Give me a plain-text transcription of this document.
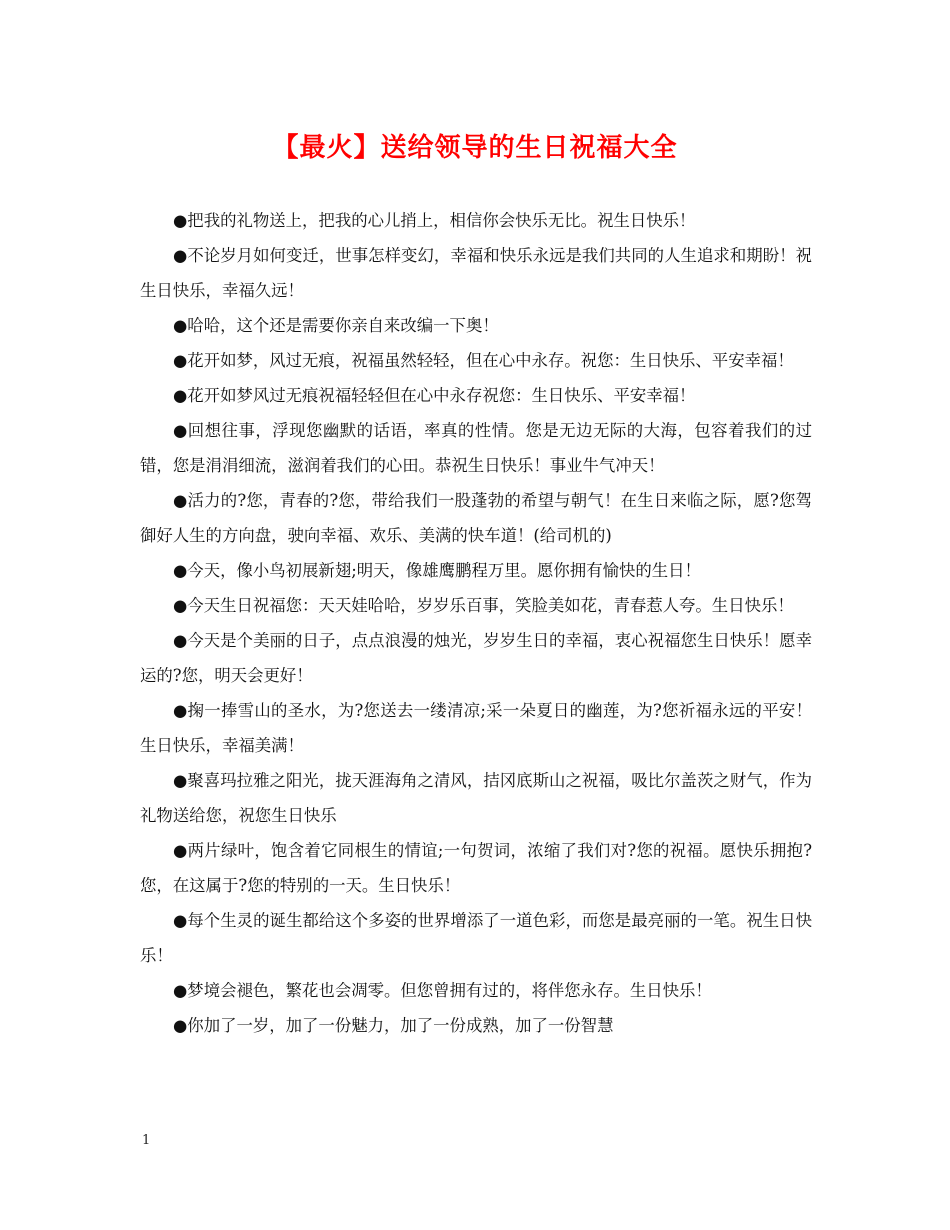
【最火】送给领导的生日祝福大全

●把我的礼物送上，把我的心儿捎上，相信你会快乐无比。祝生日快乐！

●不论岁月如何变迁，世事怎样变幻，幸福和快乐永远是我们共同的人生追求和期盼！祝生日快乐，幸福久远！

●哈哈，这个还是需要你亲自来改编一下奥！

●花开如梦，风过无痕，祝福虽然轻轻，但在心中永存。祝您：生日快乐、平安幸福！

●花开如梦风过无痕祝福轻轻但在心中永存祝您：生日快乐、平安幸福！

●回想往事，浮现您幽默的话语，率真的性情。您是无边无际的大海，包容着我们的过错，您是涓涓细流，滋润着我们的心田。恭祝生日快乐！事业牛气冲天！

●活力的?您，青春的?您，带给我们一股蓬勃的希望与朝气！在生日来临之际，愿?您驾御好人生的方向盘，驶向幸福、欢乐、美满的快车道！(给司机的)

●今天，像小鸟初展新翅;明天，像雄鹰鹏程万里。愿你拥有愉快的生日！

●今天生日祝福您：天天娃哈哈，岁岁乐百事，笑脸美如花，青春惹人夸。生日快乐！

●今天是个美丽的日子，点点浪漫的烛光，岁岁生日的幸福，衷心祝福您生日快乐！愿幸运的?您，明天会更好！

●掬一捧雪山的圣水，为?您送去一缕清凉;采一朵夏日的幽莲，为?您祈福永远的平安！生日快乐，幸福美满！

●聚喜玛拉雅之阳光，拢天涯海角之清风，拮冈底斯山之祝福，吸比尔盖茨之财气，作为礼物送给您，祝您生日快乐

●两片绿叶，饱含着它同根生的情谊;一句贺词，浓缩了我们对?您的祝福。愿快乐拥抱?您，在这属于?您的特别的一天。生日快乐！

●每个生灵的诞生都给这个多姿的世界增添了一道色彩，而您是最亮丽的一笔。祝生日快乐！

●梦境会褪色，繁花也会凋零。但您曾拥有过的，将伴您永存。生日快乐！

●你加了一岁，加了一份魅力，加了一份成熟，加了一份智慧

1
